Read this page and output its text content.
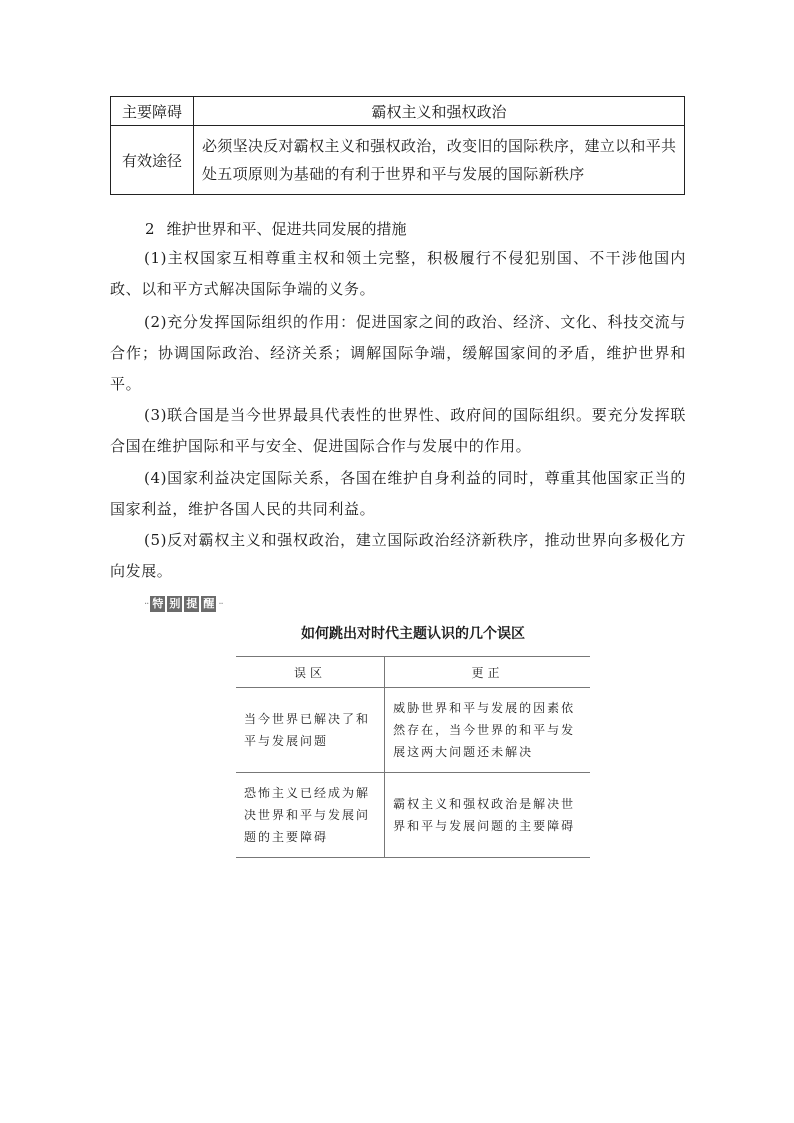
主要障碍	霸权主义和强权政治
有效途径	必须坚决反对霸权主义和强权政治，改变旧的国际秩序，建立以和平共处五项原则为基础的有利于世界和平与发展的国际新秩序
2 维护世界和平、促进共同发展的措施

(1)主权国家互相尊重主权和领土完整，积极履行不侵犯别国、不干涉他国内政、以和平方式解决国际争端的义务。

(2)充分发挥国际组织的作用：促进国家之间的政治、经济、文化、科技交流与合作；协调国际政治、经济关系；调解国际争端，缓解国家间的矛盾，维护世界和平。

(3)联合国是当今世界最具代表性的世界性、政府间的国际组织。要充分发挥联合国在维护国际和平与安全、促进国际合作与发展中的作用。

(4)国家利益决定国际关系，各国在维护自身利益的同时，尊重其他国家正当的国家利益，维护各国人民的共同利益。

(5)反对霸权主义和强权政治，建立国际政治经济新秩序，推动世界向多极化方向发展。

·· 特 别 提 醒 ··
如何跳出对时代主题认识的几个误区
误区	更正
当今世界已解决了和平与发展问题	威胁世界和平与发展的因素依然存在，当今世界的和平与发展这两大问题还未解决
恐怖主义已经成为解决世界和平与发展问题的主要障碍	霸权主义和强权政治是解决世界和平与发展问题的主要障碍
